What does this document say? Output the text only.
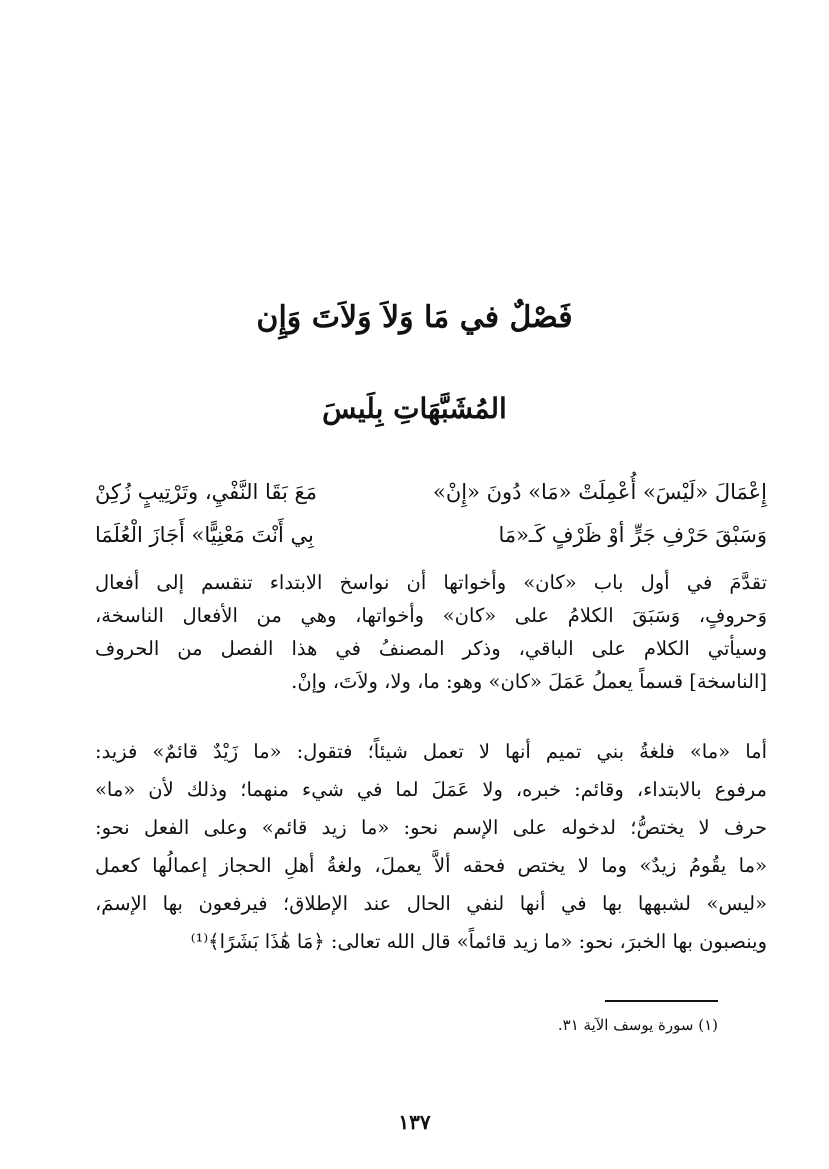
فَصْلٌ في مَا وَلاَ وَلاَتَ وَإِن
المُشَبَّهَاتِ بِلَيسَ
إِعْمَالَ «لَيْسَ» أُعْمِلَتْ «مَا» دُونَ «إِنْ»
مَعَ بَقَا النَّفْيِ، وتَرْتِيبٍ زُكِنْ
وَسَبْقَ حَرْفِ جَرٍّ أوْ ظَرْفٍ كَـ«مَا
بِي أَنْتَ مَعْنِيًّا» أَجَازَ الْعُلَمَا
تقدَّمَ في أول باب «كان» وأخواتها أن نواسخ الابتداء تنقسم إلى أفعال
وَحروفٍ، وَسَبَقَ الكلامُ على «كان» وأخواتها، وهي من الأفعال الناسخة،
وسيأتي الكلام على الباقي، وذكر المصنفُ في هذا الفصل من الحروف
[الناسخة] قسماً يعملُ عَمَلَ «كان» وهو: ما، ولا، ولاَتَ، وإنْ.
أما «ما» فلغةُ بني تميم أنها لا تعمل شيئاً؛ فتقول: «ما زَيْدٌ قائمٌ» فزيد:
مرفوع بالابتداء، وقائم: خبره، ولا عَمَلَ لما في شيء منهما؛ وذلك لأن «ما»
حرف لا يختصُّ؛ لدخوله على الإسم نحو: «ما زيد قائم» وعلى الفعل نحو:
«ما يقُومُ زيدٌ» وما لا يختص فحقه ألاَّ يعملَ، ولغةُ أهلِ الحجاز إعمالُها كعمل
«ليس» لشبهها بها في أنها لنفي الحال عند الإطلاق؛ فيرفعون بها الإسمَ،
وينصبون بها الخبرَ، نحو: «ما زيد قائماً» قال الله تعالى: ﴿مَا هَٰذَا بَشَرًا﴾⁽¹⁾
(١) سورة يوسف الآية ٣١.
١٣٧
